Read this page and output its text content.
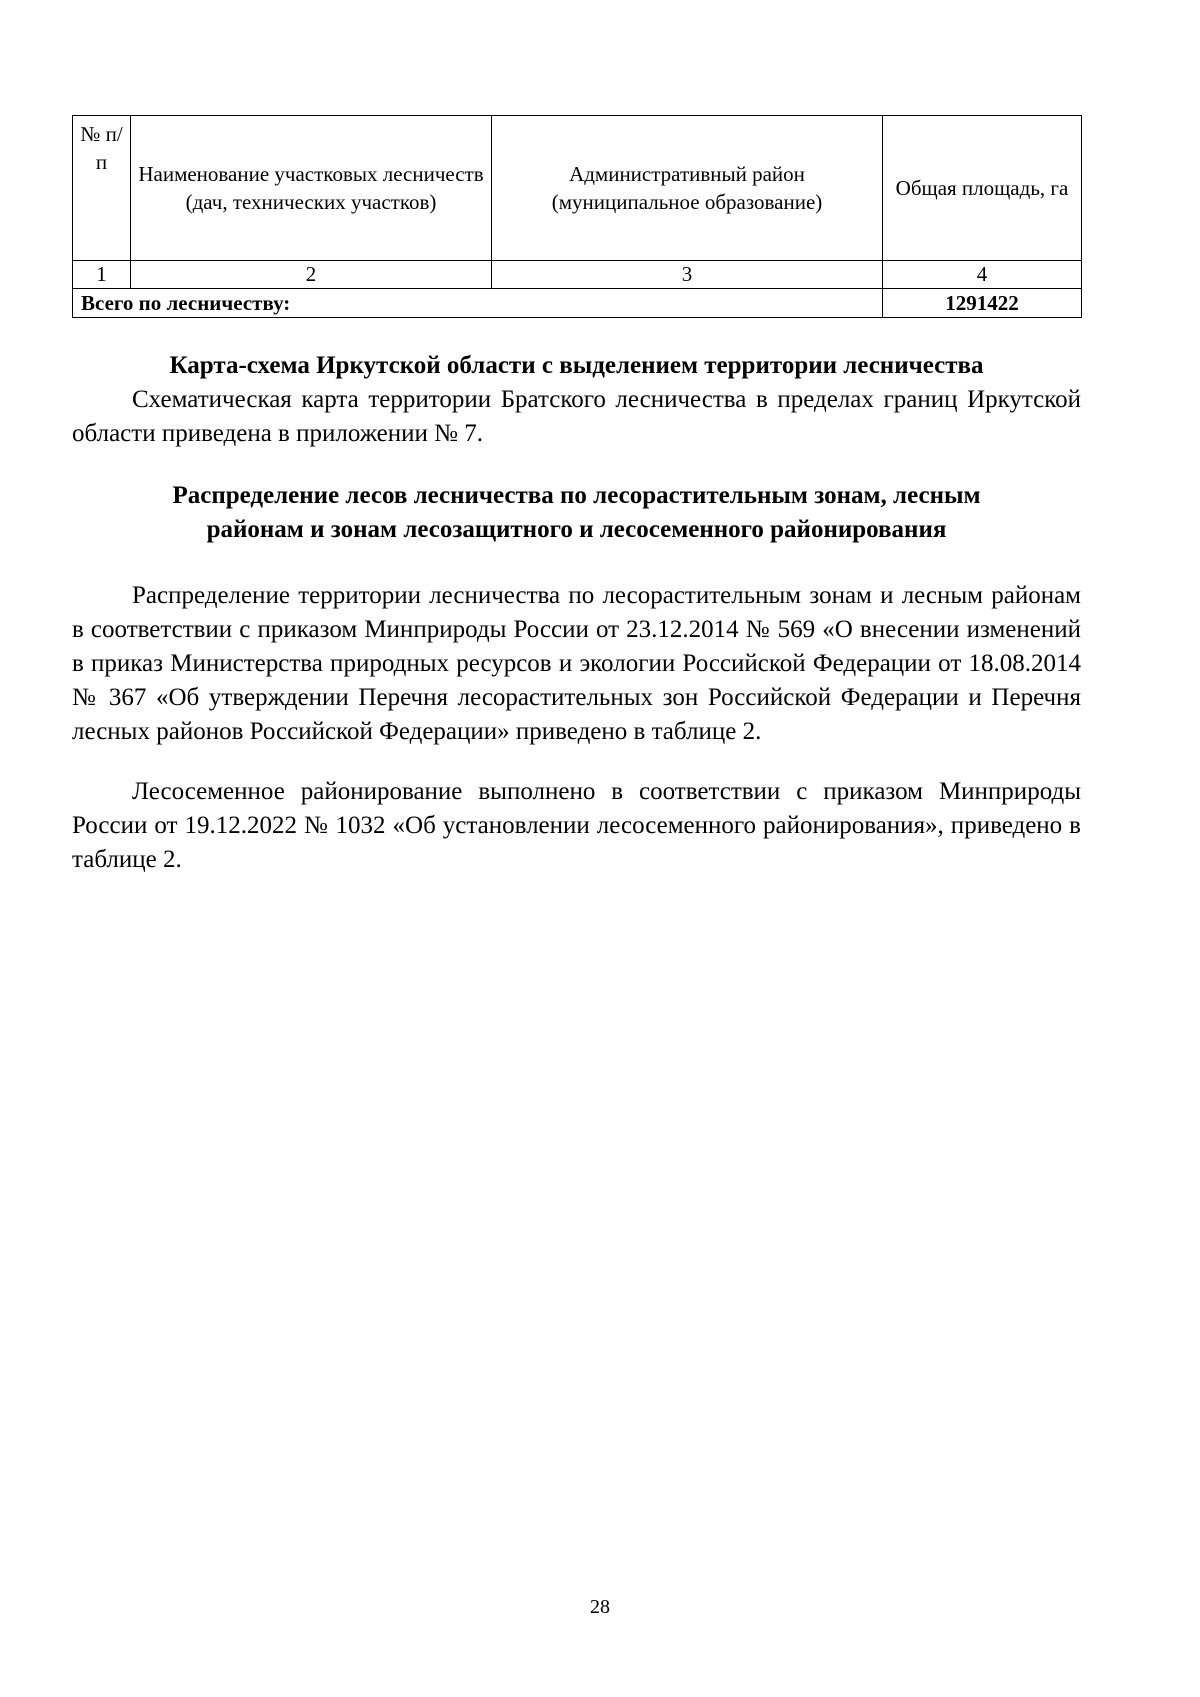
№ п/п	Наименование участковых лесничеств (дач, технических участков)	Административный район (муниципальное образование)	Общая площадь, га
1	2	3	4
Всего по лесничеству:			1291422
Карта-схема Иркутской области с выделением территории лесничества
Схематическая карта территории Братского лесничества в пределах границ Иркутской области приведена в приложении № 7.
Распределение лесов лесничества по лесорастительным зонам, лесным
районам и зонам лесозащитного и лесосеменного районирования
Распределение территории лесничества по лесорастительным зонам и лесным районам в соответствии с приказом Минприроды России от 23.12.2014 № 569 «О внесении изменений в приказ Министерства природных ресурсов и экологии Российской Федерации от 18.08.2014 № 367 «Об утверждении Перечня лесорастительных зон Российской Федерации и Перечня лесных районов Российской Федерации» приведено в таблице 2.
Лесосеменное районирование выполнено в соответствии с приказом Минприроды России от 19.12.2022 № 1032 «Об установлении лесосеменного районирования», приведено в таблице 2.
28
